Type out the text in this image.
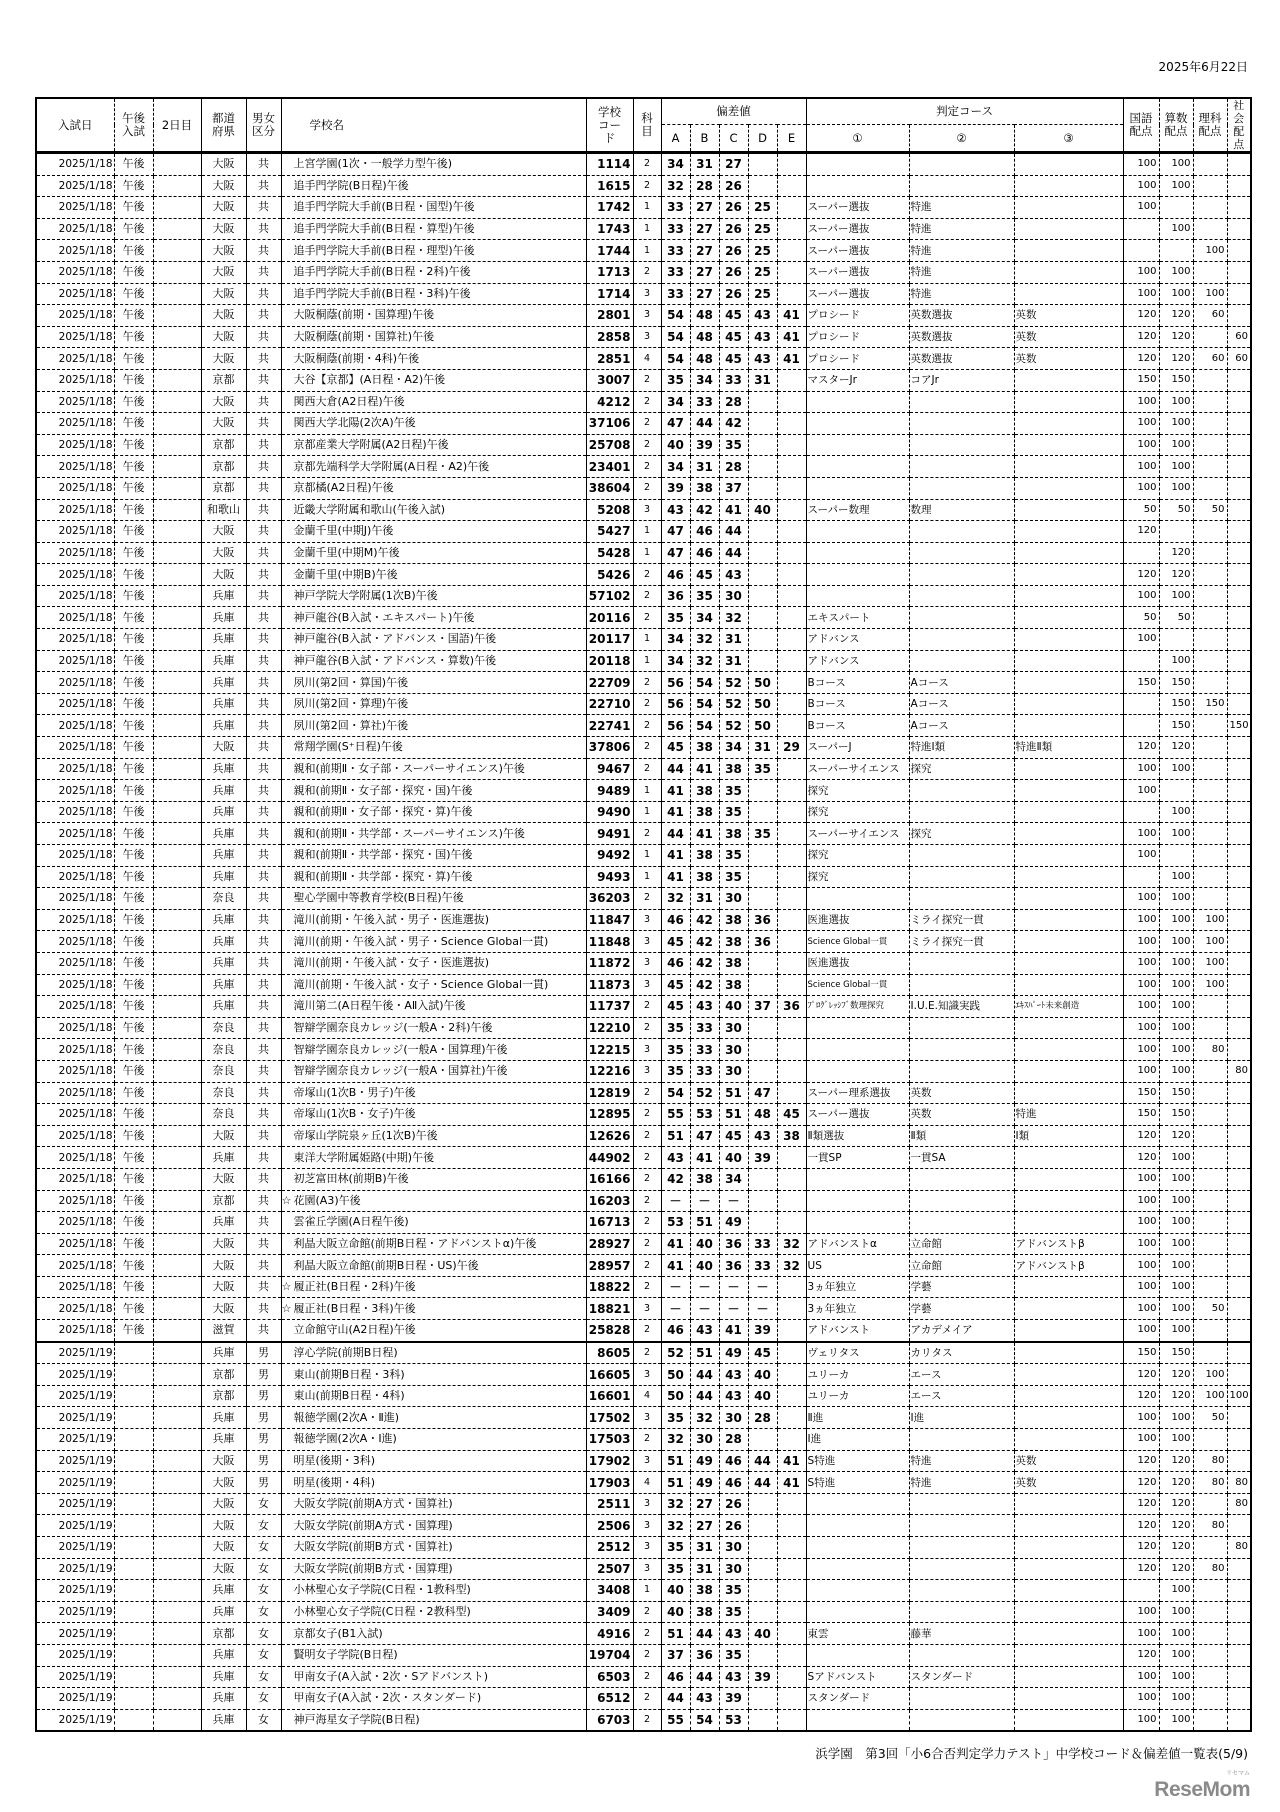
2025年6月22日
入試日	午後入試	2日目	都道府県	男女区分	学校名	学校コード	科目	偏差値					判定コース			国語配点	算数配点	理科配点	社会配点
								A	B	C	D	E	①	②	③				
2025/1/18	午後		大阪	共	上宮学園(1次・一般学力型午後)	1114	2	34	31	27						100	100		
2025/1/18	午後		大阪	共	追手門学院(B日程)午後	1615	2	32	28	26						100	100		
2025/1/18	午後		大阪	共	追手門学院大手前(B日程・国型)午後	1742	1	33	27	26	25		スーパー選抜	特進		100			
2025/1/18	午後		大阪	共	追手門学院大手前(B日程・算型)午後	1743	1	33	27	26	25		スーパー選抜	特進			100		
2025/1/18	午後		大阪	共	追手門学院大手前(B日程・理型)午後	1744	1	33	27	26	25		スーパー選抜	特進				100	
2025/1/18	午後		大阪	共	追手門学院大手前(B日程・2科)午後	1713	2	33	27	26	25		スーパー選抜	特進		100	100		
2025/1/18	午後		大阪	共	追手門学院大手前(B日程・3科)午後	1714	3	33	27	26	25		スーパー選抜	特進		100	100	100	
2025/1/18	午後		大阪	共	大阪桐蔭(前期・国算理)午後	2801	3	54	48	45	43	41	プロシード	英数選抜	英数	120	120	60	
2025/1/18	午後		大阪	共	大阪桐蔭(前期・国算社)午後	2858	3	54	48	45	43	41	プロシード	英数選抜	英数	120	120		60
2025/1/18	午後		大阪	共	大阪桐蔭(前期・4科)午後	2851	4	54	48	45	43	41	プロシード	英数選抜	英数	120	120	60	60
2025/1/18	午後		京都	共	大谷【京都】(A日程・A2)午後	3007	2	35	34	33	31		マスターJr	コアJr		150	150		
2025/1/18	午後		大阪	共	関西大倉(A2日程)午後	4212	2	34	33	28						100	100		
2025/1/18	午後		大阪	共	関西大学北陽(2次A)午後	37106	2	47	44	42						100	100		
2025/1/18	午後		京都	共	京都産業大学附属(A2日程)午後	25708	2	40	39	35						100	100		
2025/1/18	午後		京都	共	京都先端科学大学附属(A日程・A2)午後	23401	2	34	31	28						100	100		
2025/1/18	午後		京都	共	京都橘(A2日程)午後	38604	2	39	38	37						100	100		
2025/1/18	午後		和歌山	共	近畿大学附属和歌山(午後入試)	5208	3	43	42	41	40		スーパー数理	数理		50	50	50	
2025/1/18	午後		大阪	共	金蘭千里(中期J)午後	5427	1	47	46	44						120			
2025/1/18	午後		大阪	共	金蘭千里(中期M)午後	5428	1	47	46	44							120		
2025/1/18	午後		大阪	共	金蘭千里(中期B)午後	5426	2	46	45	43						120	120		
2025/1/18	午後		兵庫	共	神戸学院大学附属(1次B)午後	57102	2	36	35	30						100	100		
2025/1/18	午後		兵庫	共	神戸龍谷(B入試・エキスパート)午後	20116	2	35	34	32			エキスパート			50	50		
2025/1/18	午後		兵庫	共	神戸龍谷(B入試・アドバンス・国語)午後	20117	1	34	32	31			アドバンス			100			
2025/1/18	午後		兵庫	共	神戸龍谷(B入試・アドバンス・算数)午後	20118	1	34	32	31			アドバンス				100		
2025/1/18	午後		兵庫	共	夙川(第2回・算国)午後	22709	2	56	54	52	50		Bコース	Aコース		150	150		
2025/1/18	午後		兵庫	共	夙川(第2回・算理)午後	22710	2	56	54	52	50		Bコース	Aコース			150	150	
2025/1/18	午後		兵庫	共	夙川(第2回・算社)午後	22741	2	56	54	52	50		Bコース	Aコース			150		150
2025/1/18	午後		大阪	共	常翔学園(S⁺日程)午後	37806	2	45	38	34	31	29	スーパーJ	特進Ⅰ類	特進Ⅱ類	120	120		
2025/1/18	午後		兵庫	共	親和(前期Ⅱ・女子部・スーパーサイエンス)午後	9467	2	44	41	38	35		スーパーサイエンス	探究		100	100		
2025/1/18	午後		兵庫	共	親和(前期Ⅱ・女子部・探究・国)午後	9489	1	41	38	35			探究			100			
2025/1/18	午後		兵庫	共	親和(前期Ⅱ・女子部・探究・算)午後	9490	1	41	38	35			探究				100		
2025/1/18	午後		兵庫	共	親和(前期Ⅱ・共学部・スーパーサイエンス)午後	9491	2	44	41	38	35		スーパーサイエンス	探究		100	100		
2025/1/18	午後		兵庫	共	親和(前期Ⅱ・共学部・探究・国)午後	9492	1	41	38	35			探究			100			
2025/1/18	午後		兵庫	共	親和(前期Ⅱ・共学部・探究・算)午後	9493	1	41	38	35			探究				100		
2025/1/18	午後		奈良	共	聖心学園中等教育学校(B日程)午後	36203	2	32	31	30						100	100		
2025/1/18	午後		兵庫	共	滝川(前期・午後入試・男子・医進選抜)	11847	3	46	42	38	36		医進選抜	ミライ探究一貫		100	100	100	
2025/1/18	午後		兵庫	共	滝川(前期・午後入試・男子・Science Global一貫)	11848	3	45	42	38	36		Science Global一貫	ミライ探究一貫		100	100	100	
2025/1/18	午後		兵庫	共	滝川(前期・午後入試・女子・医進選抜)	11872	3	46	42	38			医進選抜			100	100	100	
2025/1/18	午後		兵庫	共	滝川(前期・午後入試・女子・Science Global一貫)	11873	3	45	42	38			Science Global一貫			100	100	100	
2025/1/18	午後		兵庫	共	滝川第二(A日程午後・AⅡ入試)午後	11737	2	45	43	40	37	36	ﾌﾟﾛｸﾞﾚｯｼﾌﾞ数理探究	I.U.E.知識実践	ｴｷｽﾊﾟｰﾄ未来創造	100	100		
2025/1/18	午後		奈良	共	智辯学園奈良カレッジ(一般A・2科)午後	12210	2	35	33	30						100	100		
2025/1/18	午後		奈良	共	智辯学園奈良カレッジ(一般A・国算理)午後	12215	3	35	33	30						100	100	80	
2025/1/18	午後		奈良	共	智辯学園奈良カレッジ(一般A・国算社)午後	12216	3	35	33	30						100	100		80
2025/1/18	午後		奈良	共	帝塚山(1次B・男子)午後	12819	2	54	52	51	47		スーパー理系選抜	英数		150	150		
2025/1/18	午後		奈良	共	帝塚山(1次B・女子)午後	12895	2	55	53	51	48	45	スーパー選抜	英数	特進	150	150		
2025/1/18	午後		大阪	共	帝塚山学院泉ヶ丘(1次B)午後	12626	2	51	47	45	43	38	Ⅱ類選抜	Ⅱ類	Ⅰ類	120	120		
2025/1/18	午後		兵庫	共	東洋大学附属姫路(中期)午後	44902	2	43	41	40	39		一貫SP	一貫SA		120	100		
2025/1/18	午後		大阪	共	初芝富田林(前期B)午後	16166	2	42	38	34						100	100		
2025/1/18	午後		京都	共	☆ 花園(A3)午後	16203	2	－	－	－						100	100		
2025/1/18	午後		兵庫	共	雲雀丘学園(A日程午後)	16713	2	53	51	49						100	100		
2025/1/18	午後		大阪	共	利晶大阪立命館(前期B日程・アドバンストα)午後	28927	2	41	40	36	33	32	アドバンストα	立命館	アドバンストβ	100	100		
2025/1/18	午後		大阪	共	利晶大阪立命館(前期B日程・US)午後	28957	2	41	40	36	33	32	US	立命館	アドバンストβ	100	100		
2025/1/18	午後		大阪	共	☆ 履正社(B日程・2科)午後	18822	2	－	－	－	－		3ヵ年独立	学藝		100	100		
2025/1/18	午後		大阪	共	☆ 履正社(B日程・3科)午後	18821	3	－	－	－	－		3ヵ年独立	学藝		100	100	50	
2025/1/18	午後		滋賀	共	立命館守山(A2日程)午後	25828	2	46	43	41	39		アドバンスト	アカデメイア		100	100		
2025/1/19			兵庫	男	淳心学院(前期B日程)	8605	2	52	51	49	45		ヴェリタス	カリタス		150	150		
2025/1/19			京都	男	東山(前期B日程・3科)	16605	3	50	44	43	40		ユリーカ	エース		120	120	100	
2025/1/19			京都	男	東山(前期B日程・4科)	16601	4	50	44	43	40		ユリーカ	エース		120	120	100	100
2025/1/19			兵庫	男	報徳学園(2次A・Ⅱ進)	17502	3	35	32	30	28		Ⅱ進	Ⅰ進		100	100	50	
2025/1/19			兵庫	男	報徳学園(2次A・Ⅰ進)	17503	2	32	30	28			Ⅰ進			100	100		
2025/1/19			大阪	男	明星(後期・3科)	17902	3	51	49	46	44	41	S特進	特進	英数	120	120	80	
2025/1/19			大阪	男	明星(後期・4科)	17903	4	51	49	46	44	41	S特進	特進	英数	120	120	80	80
2025/1/19			大阪	女	大阪女学院(前期A方式・国算社)	2511	3	32	27	26						120	120		80
2025/1/19			大阪	女	大阪女学院(前期A方式・国算理)	2506	3	32	27	26						120	120	80	
2025/1/19			大阪	女	大阪女学院(前期B方式・国算社)	2512	3	35	31	30						120	120		80
2025/1/19			大阪	女	大阪女学院(前期B方式・国算理)	2507	3	35	31	30						120	120	80	
2025/1/19			兵庫	女	小林聖心女子学院(C日程・1教科型)	3408	1	40	38	35							100		
2025/1/19			兵庫	女	小林聖心女子学院(C日程・2教科型)	3409	2	40	38	35						100	100		
2025/1/19			京都	女	京都女子(B1入試)	4916	2	51	44	43	40		東雲	藤華		100	100		
2025/1/19			兵庫	女	賢明女子学院(B日程)	19704	2	37	36	35						120	100		
2025/1/19			兵庫	女	甲南女子(A入試・2次・Sアドバンスト)	6503	2	46	44	43	39		Sアドバンスト	スタンダード		100	100		
2025/1/19			兵庫	女	甲南女子(A入試・2次・スタンダード)	6512	2	44	43	39			スタンダード			100	100		
2025/1/19			兵庫	女	神戸海星女子学院(B日程)	6703	2	55	54	53						100	100		
浜学園　第3回「小6合否判定学力テスト」中学校コード＆偏差値一覧表(5/9)
リセマム
ReseMom
